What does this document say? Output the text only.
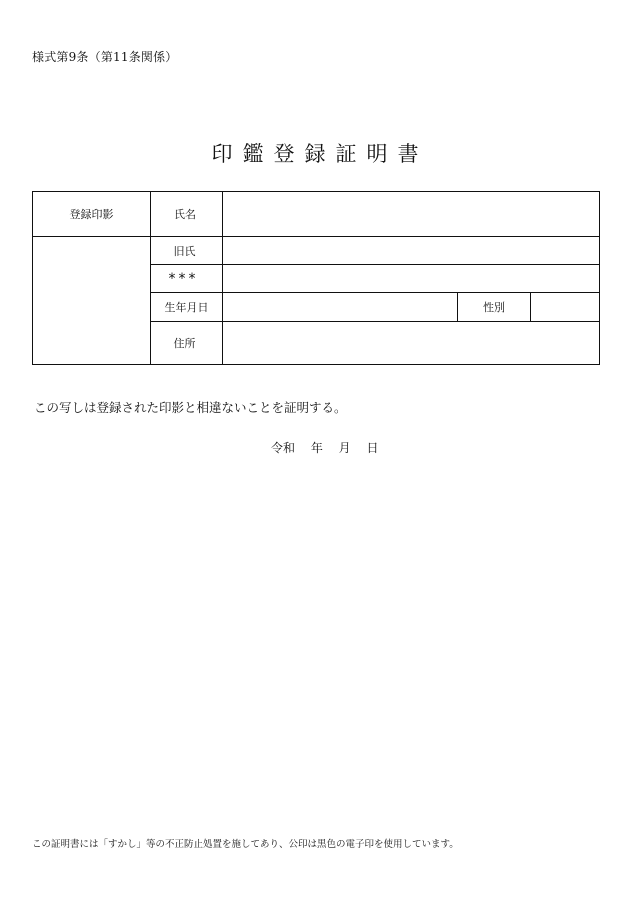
様式第9条（第11条関係）
印鑑登録証明書
登録印影	氏名
旧氏
***
生年月日	性別
住所
この写しは登録された印影と相違ないことを証明する。
令和　 年　 月　 日
この証明書には「すかし」等の不正防止処置を施してあり、公印は黒色の電子印を使用しています。
